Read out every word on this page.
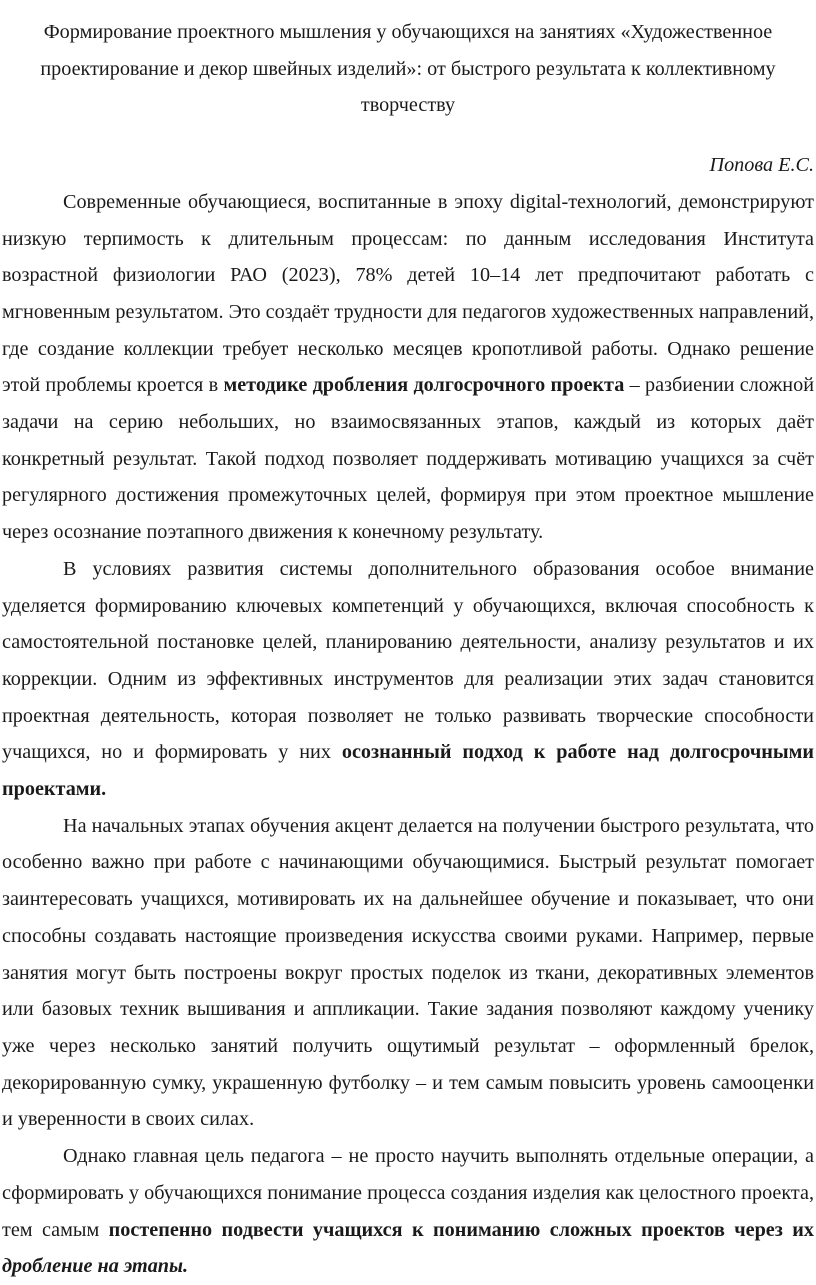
Формирование проектного мышления у обучающихся на занятиях «Художественное проектирование и декор швейных изделий»: от быстрого результата к коллективному творчеству

Попова Е.С.

Современные обучающиеся, воспитанные в эпоху digital-технологий, демонстрируют низкую терпимость к длительным процессам: по данным исследования Института возрастной физиологии РАО (2023), 78% детей 10–14 лет предпочитают работать с мгновенным результатом. Это создаёт трудности для педагогов художественных направлений, где создание коллекции требует несколько месяцев кропотливой работы. Однако решение этой проблемы кроется в методике дробления долгосрочного проекта – разбиении сложной задачи на серию небольших, но взаимосвязанных этапов, каждый из которых даёт конкретный результат. Такой подход позволяет поддерживать мотивацию учащихся за счёт регулярного достижения промежуточных целей, формируя при этом проектное мышление через осознание поэтапного движения к конечному результату.

В условиях развития системы дополнительного образования особое внимание уделяется формированию ключевых компетенций у обучающихся, включая способность к самостоятельной постановке целей, планированию деятельности, анализу результатов и их коррекции. Одним из эффективных инструментов для реализации этих задач становится проектная деятельность, которая позволяет не только развивать творческие способности учащихся, но и формировать у них осознанный подход к работе над долгосрочными проектами.

На начальных этапах обучения акцент делается на получении быстрого результата, что особенно важно при работе с начинающими обучающимися. Быстрый результат помогает заинтересовать учащихся, мотивировать их на дальнейшее обучение и показывает, что они способны создавать настоящие произведения искусства своими руками. Например, первые занятия могут быть построены вокруг простых поделок из ткани, декоративных элементов или базовых техник вышивания и аппликации. Такие задания позволяют каждому ученику уже через несколько занятий получить ощутимый результат – оформленный брелок, декорированную сумку, украшенную футболку – и тем самым повысить уровень самооценки и уверенности в своих силах.

Однако главная цель педагога – не просто научить выполнять отдельные операции, а сформировать у обучающихся понимание процесса создания изделия как целостного проекта, тем самым постепенно подвести учащихся к пониманию сложных проектов через их дробление на этапы.
